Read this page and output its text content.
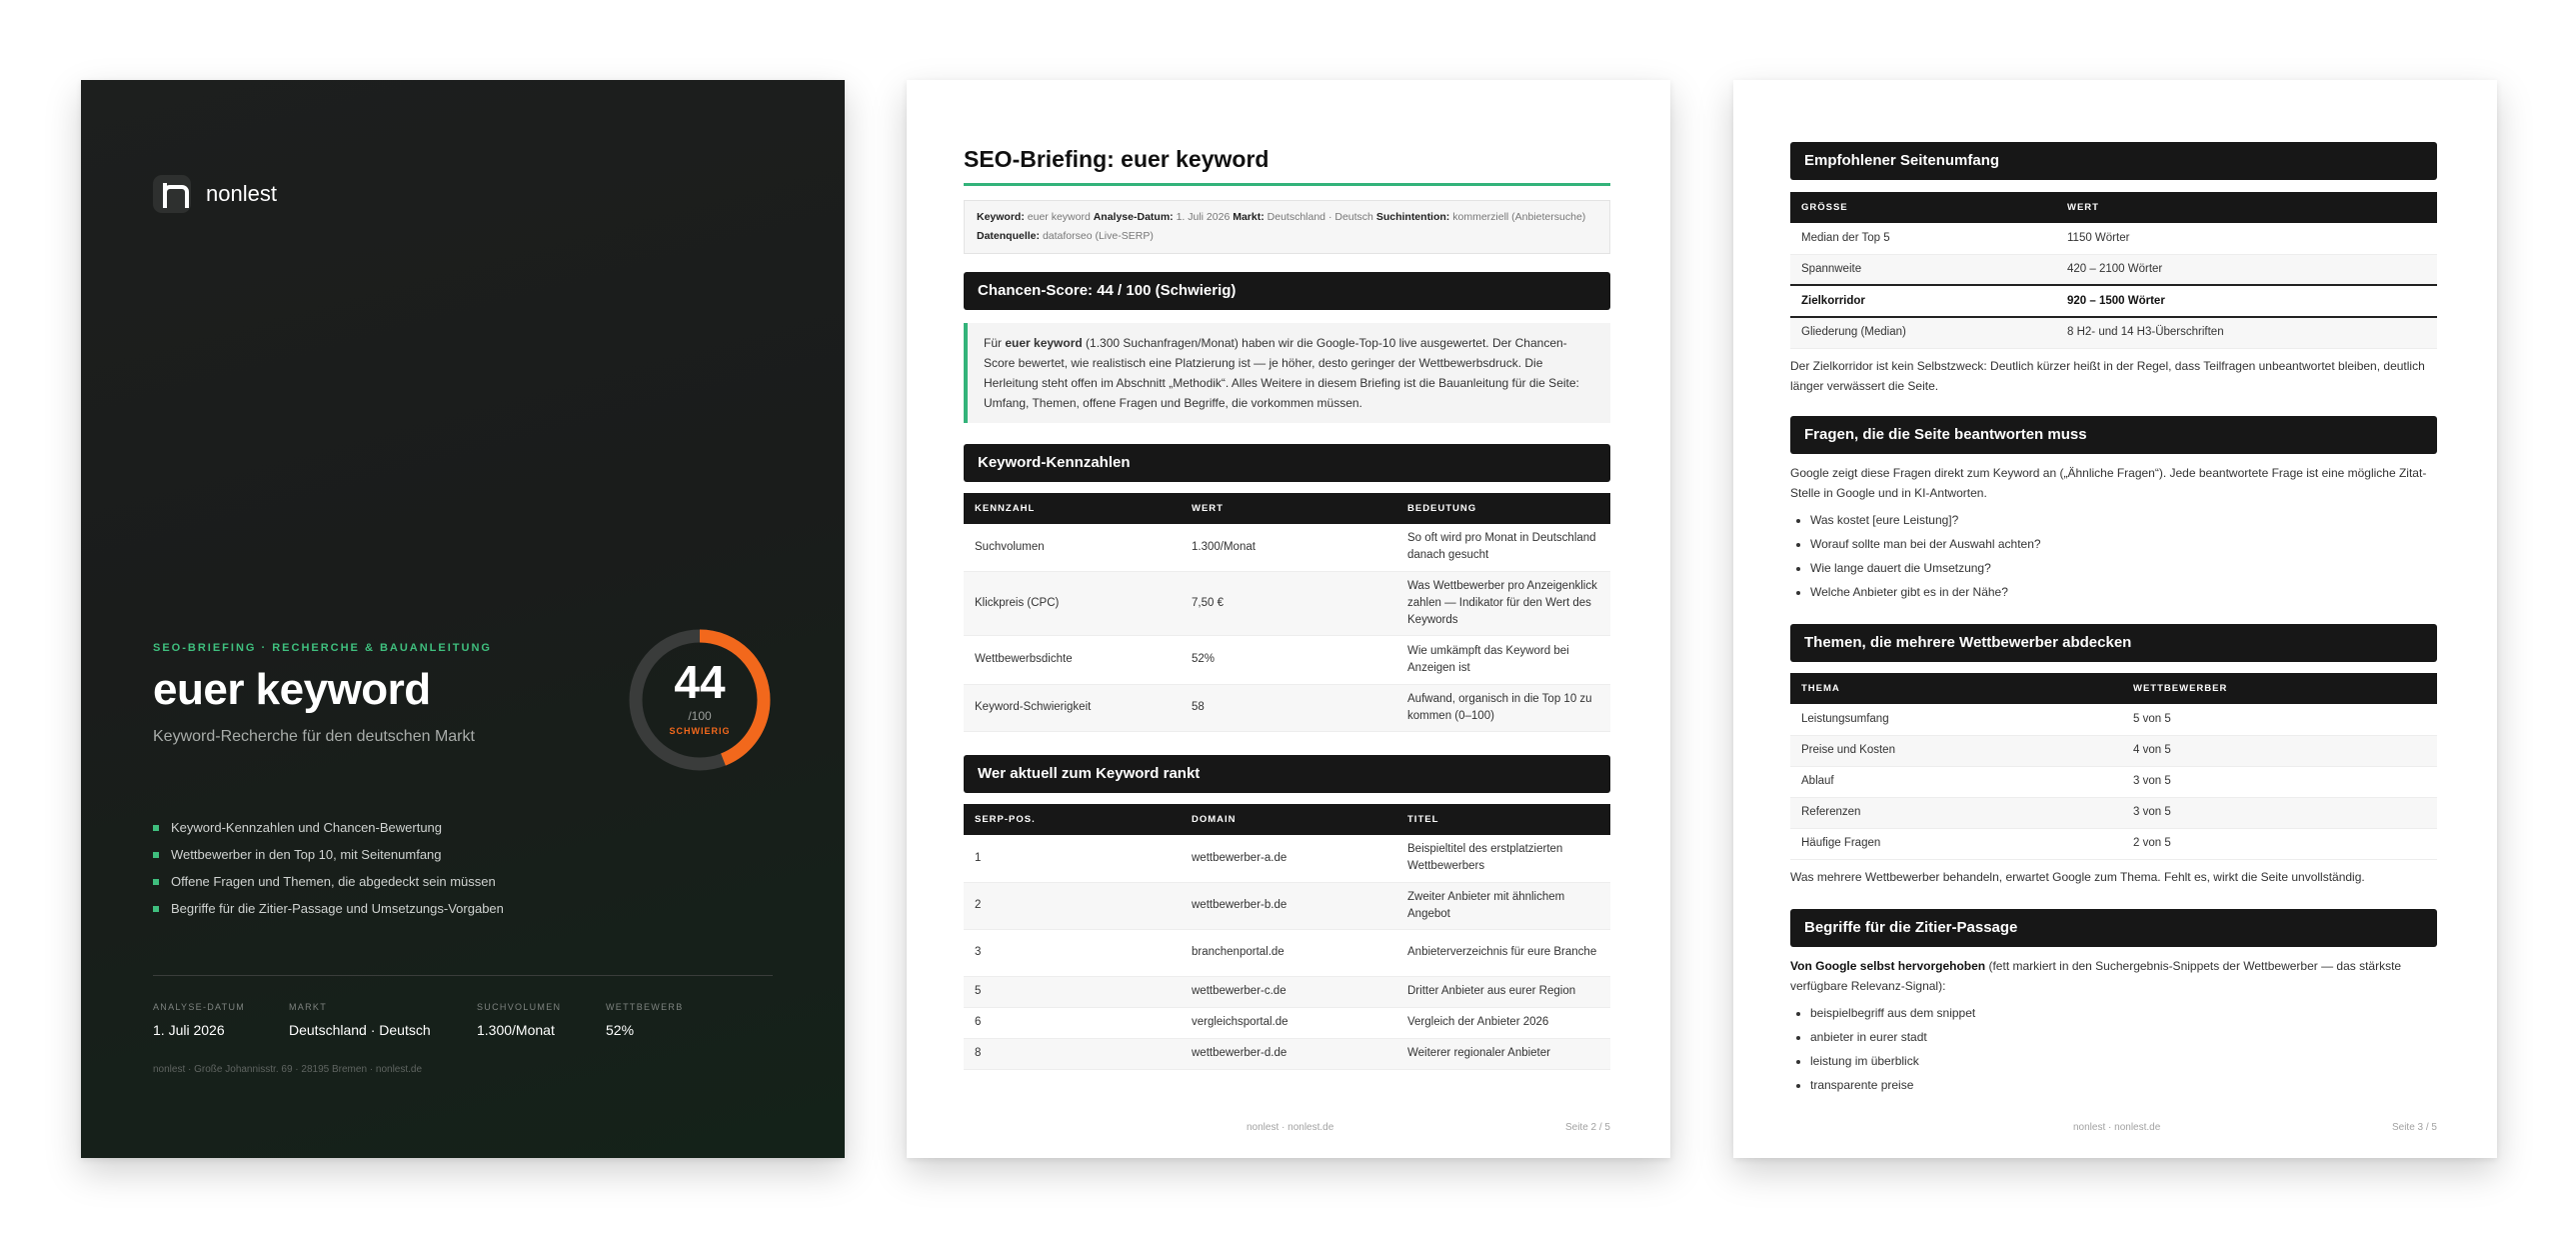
nonlest
SEO-BRIEFING · RECHERCHE & BAUANLEITUNG
euer keyword
Keyword-Recherche für den deutschen Markt
44
/100
SCHWIERIG
Keyword-Kennzahlen und Chancen-Bewertung
Wettbewerber in den Top 10, mit Seitenumfang
Offene Fragen und Themen, die abgedeckt sein müssen
Begriffe für die Zitier-Passage und Umsetzungs-Vorgaben
ANALYSE-DATUM
1. Juli 2026
MARKT
Deutschland · Deutsch
SUCHVOLUMEN
1.300/Monat
WETTBEWERB
52%
nonlest · Große Johannisstr. 69 · 28195 Bremen · nonlest.de
SEO-Briefing: euer keyword
Keyword: euer keyword Analyse-Datum: 1. Juli 2026 Markt: Deutschland · Deutsch Suchintention: kommerziell (Anbietersuche)
Datenquelle: dataforseo (Live-SERP)
Chancen-Score: 44 / 100 (Schwierig)
Für euer keyword (1.300 Suchanfragen/Monat) haben wir die Google-Top-10 live ausgewertet. Der Chancen-Score bewertet, wie realistisch eine Platzierung ist — je höher, desto geringer der Wettbewerbsdruck. Die Herleitung steht offen im Abschnitt „Methodik“. Alles Weitere in diesem Briefing ist die Bauanleitung für die Seite: Umfang, Themen, offene Fragen und Begriffe, die vorkommen müssen.
Keyword-Kennzahlen
KENNZAHL	WERT	BEDEUTUNG
Suchvolumen	1.300/Monat	So oft wird pro Monat in Deutschland danach gesucht
Klickpreis (CPC)	7,50 €	Was Wettbewerber pro Anzeigenklick zahlen — Indikator für den Wert des Keywords
Wettbewerbsdichte	52%	Wie umkämpft das Keyword bei Anzeigen ist
Keyword-Schwierigkeit	58	Aufwand, organisch in die Top 10 zu kommen (0–100)
Wer aktuell zum Keyword rankt
SERP-POS.	DOMAIN	TITEL
1	wettbewerber-a.de	Beispieltitel des erstplatzierten Wettbewerbers
2	wettbewerber-b.de	Zweiter Anbieter mit ähnlichem Angebot
3	branchenportal.de	Anbieterverzeichnis für eure Branche
5	wettbewerber-c.de	Dritter Anbieter aus eurer Region
6	vergleichsportal.de	Vergleich der Anbieter 2026
8	wettbewerber-d.de	Weiterer regionaler Anbieter
nonlest · nonlest.de	Seite 2 / 5
Empfohlener Seitenumfang
GRÖSSE	WERT
Median der Top 5	1150 Wörter
Spannweite	420 – 2100 Wörter
Zielkorridor	920 – 1500 Wörter
Gliederung (Median)	8 H2- und 14 H3-Überschriften
Der Zielkorridor ist kein Selbstzweck: Deutlich kürzer heißt in der Regel, dass Teilfragen unbeantwortet bleiben, deutlich länger verwässert die Seite.
Fragen, die die Seite beantworten muss
Google zeigt diese Fragen direkt zum Keyword an („Ähnliche Fragen“). Jede beantwortete Frage ist eine mögliche Zitat-Stelle in Google und in KI-Antworten.
• Was kostet [eure Leistung]?
• Worauf sollte man bei der Auswahl achten?
• Wie lange dauert die Umsetzung?
• Welche Anbieter gibt es in der Nähe?
Themen, die mehrere Wettbewerber abdecken
THEMA	WETTBEWERBER
Leistungsumfang	5 von 5
Preise und Kosten	4 von 5
Ablauf	3 von 5
Referenzen	3 von 5
Häufige Fragen	2 von 5
Was mehrere Wettbewerber behandeln, erwartet Google zum Thema. Fehlt es, wirkt die Seite unvollständig.
Begriffe für die Zitier-Passage
Von Google selbst hervorgehoben (fett markiert in den Suchergebnis-Snippets der Wettbewerber — das stärkste verfügbare Relevanz-Signal):
• beispielbegriff aus dem snippet
• anbieter in eurer stadt
• leistung im überblick
• transparente preise
nonlest · nonlest.de	Seite 3 / 5
